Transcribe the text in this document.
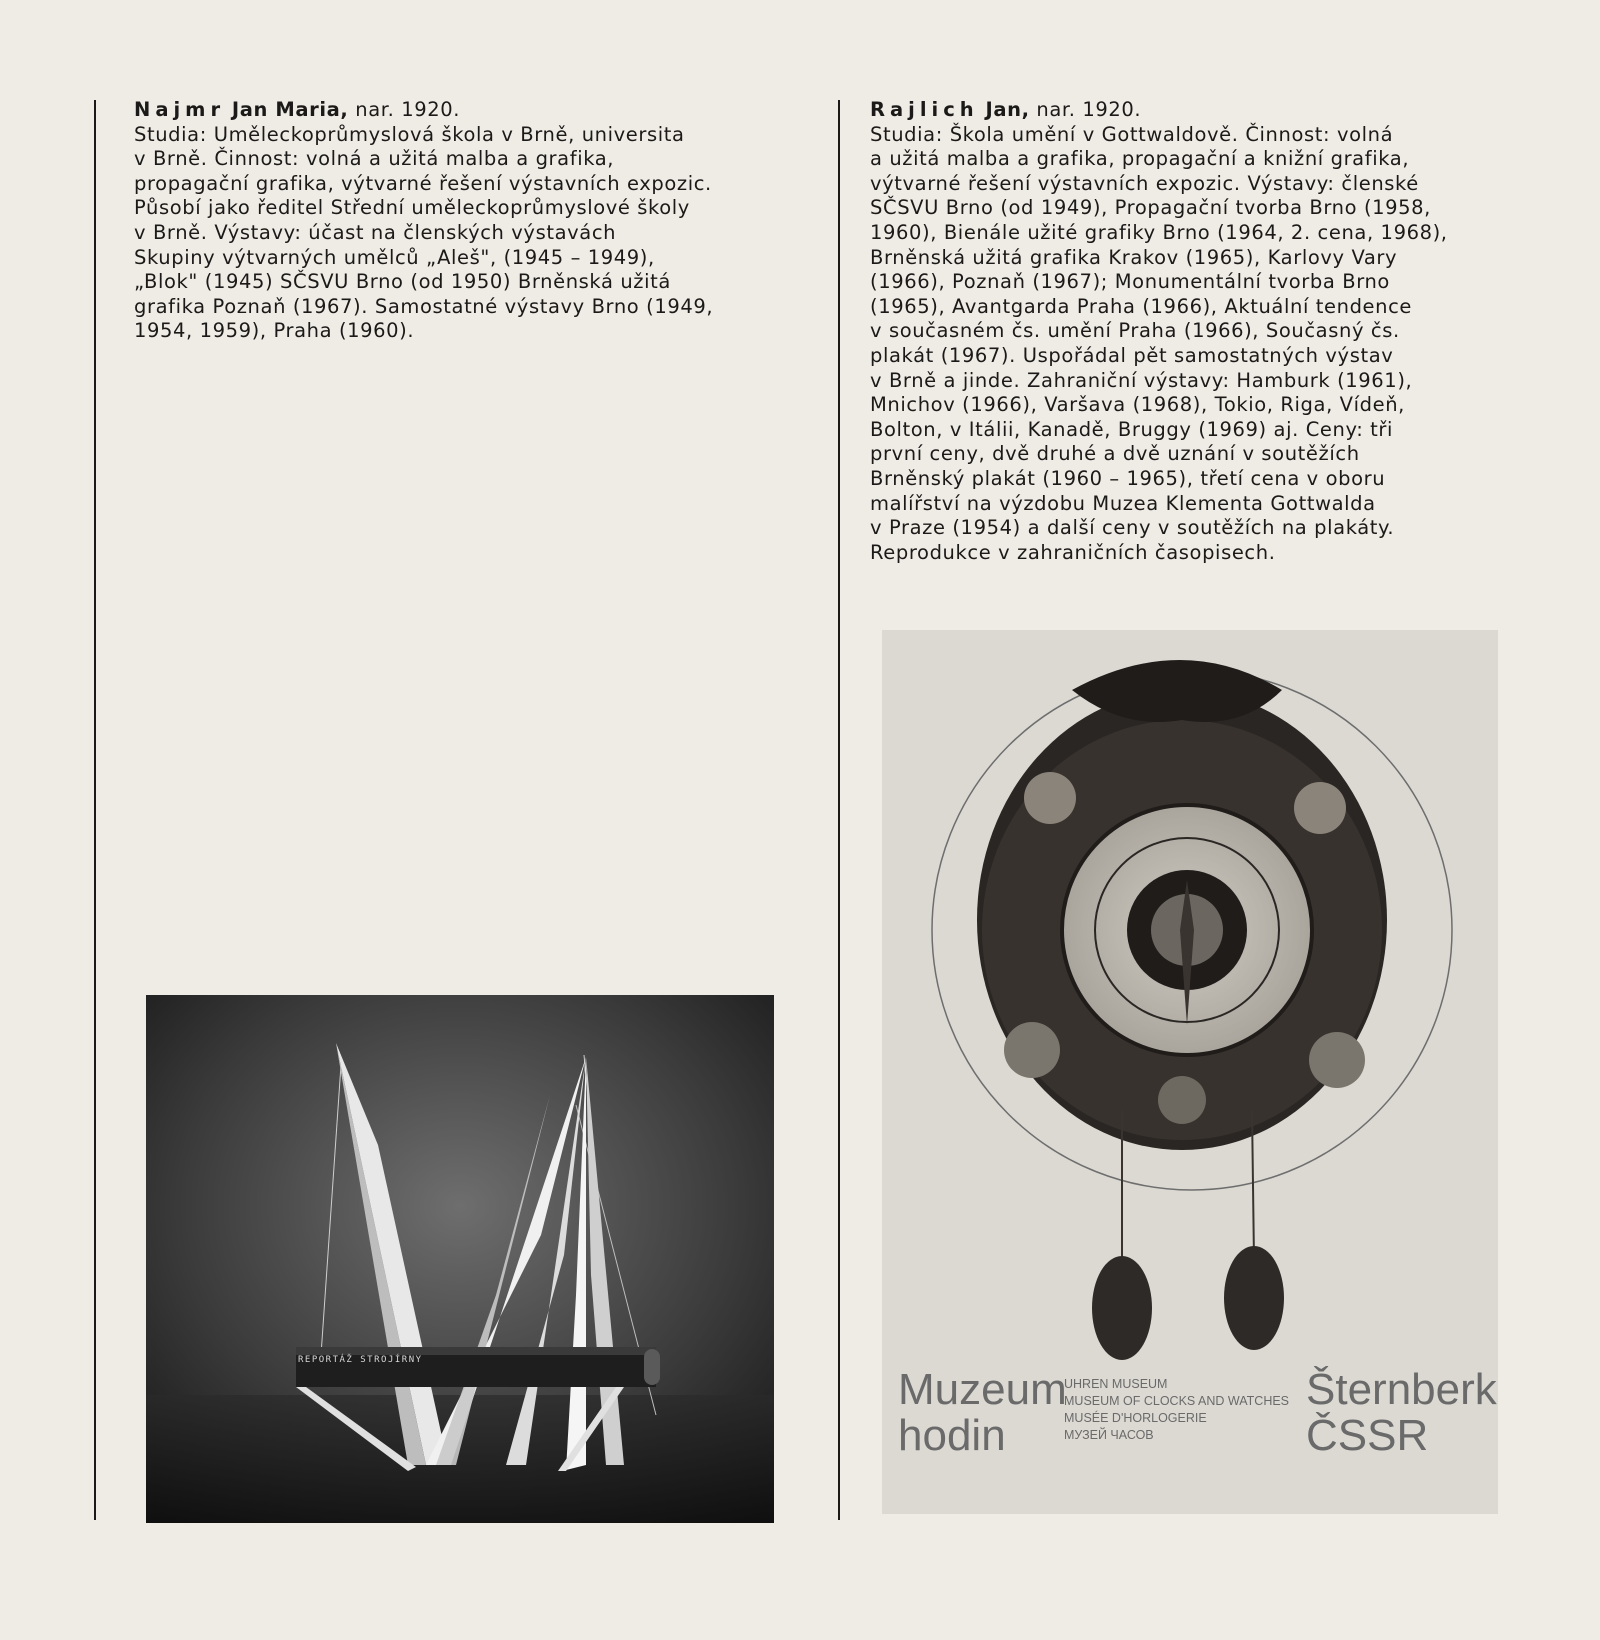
Najmr Jan Maria, nar. 1920.
Studia: Uměleckoprůmyslová škola v Brně, universita
v Brně. Činnost: volná a užitá malba a grafika,
propagační grafika, výtvarné řešení výstavních expozic.
Působí jako ředitel Střední uměleckoprůmyslové školy
v Brně. Výstavy: účast na členských výstavách
Skupiny výtvarných umělců „Aleš", (1945 – 1949),
„Blok" (1945) SČSVU Brno (od 1950) Brněnská užitá
grafika Poznaň (1967). Samostatné výstavy Brno (1949,
1954, 1959), Praha (1960).
Rajlich Jan, nar. 1920.
Studia: Škola umění v Gottwaldově. Činnost: volná
a užitá malba a grafika, propagační a knižní grafika,
výtvarné řešení výstavních expozic. Výstavy: členské
SČSVU Brno (od 1949), Propagační tvorba Brno (1958,
1960), Bienále užité grafiky Brno (1964, 2. cena, 1968),
Brněnská užitá grafika Krakov (1965), Karlovy Vary
(1966), Poznaň (1967); Monumentální tvorba Brno
(1965), Avantgarda Praha (1966), Aktuální tendence
v současném čs. umění Praha (1966), Současný čs.
plakát (1967). Uspořádal pět samostatných výstav
v Brně a jinde. Zahraniční výstavy: Hamburk (1961),
Mnichov (1966), Varšava (1968), Tokio, Riga, Vídeň,
Bolton, v Itálii, Kanadě, Bruggy (1969) aj. Ceny: tři
první ceny, dvě druhé a dvě uznání v soutěžích
Brněnský plakát (1960 – 1965), třetí cena v oboru
malířství na výzdobu Muzea Klementa Gottwalda
v Praze (1954) a další ceny v soutěžích na plakáty.
Reprodukce v zahraničních časopisech.
REPORTÁŽ STROJÍRNY
Muzeum
hodin
UHREN MUSEUM
MUSEUM OF CLOCKS AND WATCHES
MUSÉE D'HORLOGERIE
МУЗЕЙ ЧАСОВ
Šternberk
ČSSR
